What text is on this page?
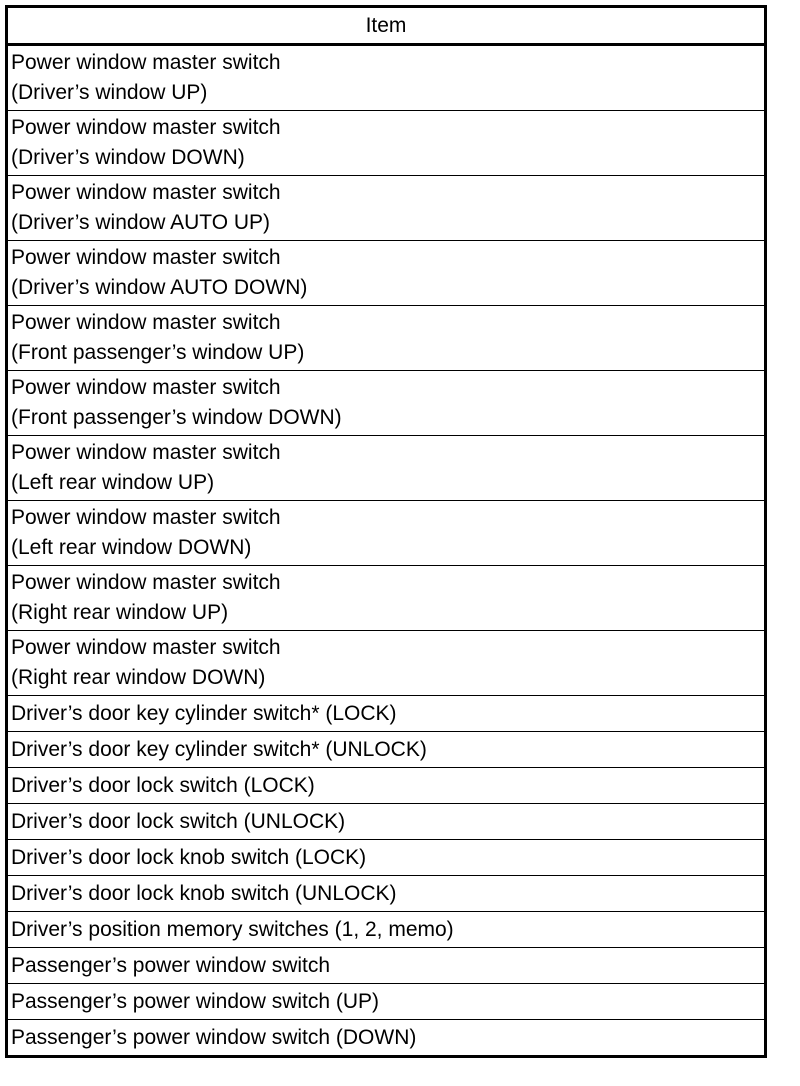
Item

Power window master switch
(Driver’s window UP)

Power window master switch
(Driver’s window DOWN)

Power window master switch
(Driver’s window AUTO UP)

Power window master switch
(Driver’s window AUTO DOWN)

Power window master switch
(Front passenger’s window UP)

Power window master switch
(Front passenger’s window DOWN)

Power window master switch
(Left rear window UP)

Power window master switch
(Left rear window DOWN)

Power window master switch
(Right rear window UP)

Power window master switch
(Right rear window DOWN)

Driver’s door key cylinder switch* (LOCK)

Driver’s door key cylinder switch* (UNLOCK)

Driver’s door lock switch (LOCK)

Driver’s door lock switch (UNLOCK)

Driver’s door lock knob switch (LOCK)

Driver’s door lock knob switch (UNLOCK)

Driver’s position memory switches (1, 2, memo)

Passenger’s power window switch

Passenger’s power window switch (UP)

Passenger’s power window switch (DOWN)
